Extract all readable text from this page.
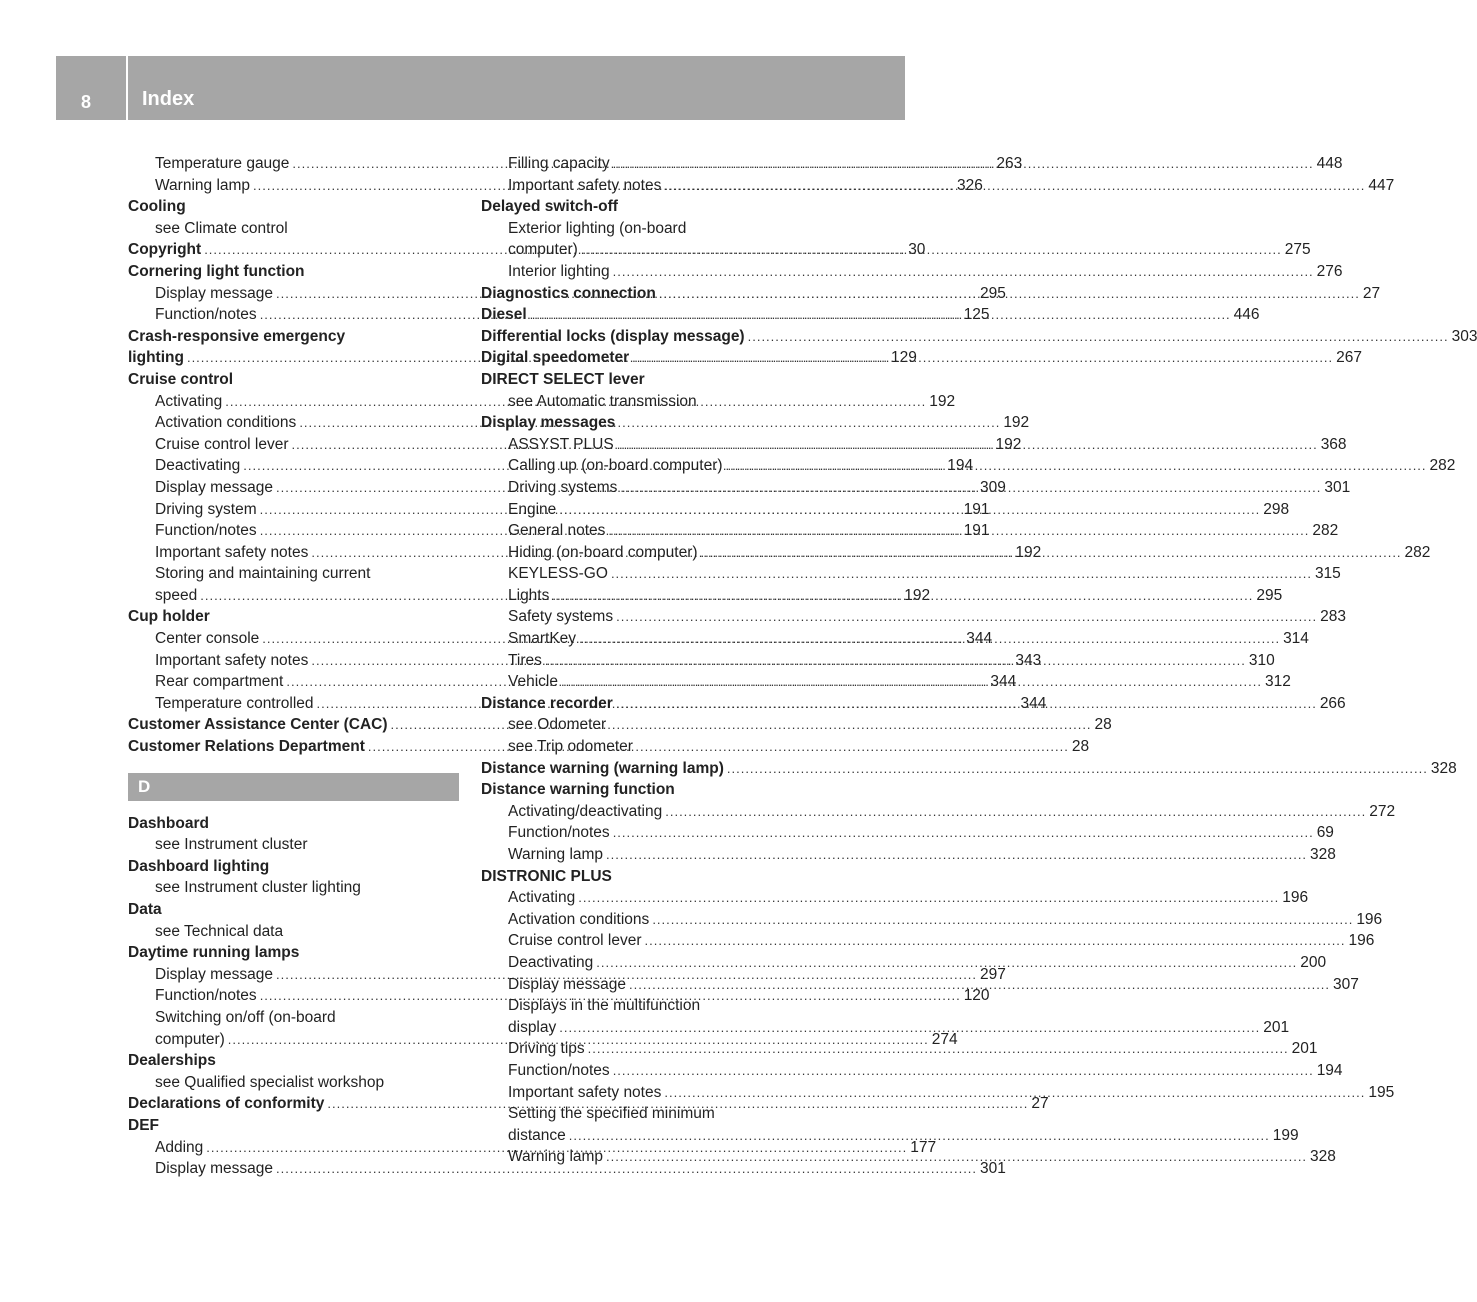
8	Index
Temperature gauge .....	263
Warning lamp .....	326
Cooling
see Climate control
Copyright .....	30
Cornering light function
Display message .....	295
Function/notes .....	125
Crash-responsive emergency
lighting .....	129
Cruise control
Activating .....	192
Activation conditions .....	192
Cruise control lever .....	192
Deactivating .....	194
Display message .....	309
Driving system .....	191
Function/notes .....	191
Important safety notes .....	192
Storing and maintaining current
speed .....	192
Cup holder
Center console .....	344
Important safety notes .....	343
Rear compartment .....	344
Temperature controlled .....	344
Customer Assistance Center (CAC) .....	28
Customer Relations Department .....	28
D
Dashboard
see Instrument cluster
Dashboard lighting
see Instrument cluster lighting
Data
see Technical data
Daytime running lamps
Display message .....	297
Function/notes .....	120
Switching on/off (on-board
computer) .....	274
Dealerships
see Qualified specialist workshop
Declarations of conformity .....	27
DEF
Adding .....	177
Display message .....	301
Filling capacity .....	448
Important safety notes .....	447
Delayed switch-off
Exterior lighting (on-board
computer) .....	275
Interior lighting .....	276
Diagnostics connection .....	27
Diesel .....	446
Differential locks (display message) .....	303
Digital speedometer .....	267
DIRECT SELECT lever
see Automatic transmission
Display messages
ASSYST PLUS .....	368
Calling up (on-board computer) .....	282
Driving systems .....	301
Engine .....	298
General notes .....	282
Hiding (on-board computer) .....	282
KEYLESS-GO .....	315
Lights .....	295
Safety systems .....	283
SmartKey .....	314
Tires .....	310
Vehicle .....	312
Distance recorder .....	266
see Odometer
see Trip odometer
Distance warning (warning lamp) .....	328
Distance warning function
Activating/deactivating .....	272
Function/notes .....	69
Warning lamp .....	328
DISTRONIC PLUS
Activating .....	196
Activation conditions .....	196
Cruise control lever .....	196
Deactivating .....	200
Display message .....	307
Displays in the multifunction
display .....	201
Driving tips .....	201
Function/notes .....	194
Important safety notes .....	195
Setting the specified minimum
distance .....	199
Warning lamp .....	328
